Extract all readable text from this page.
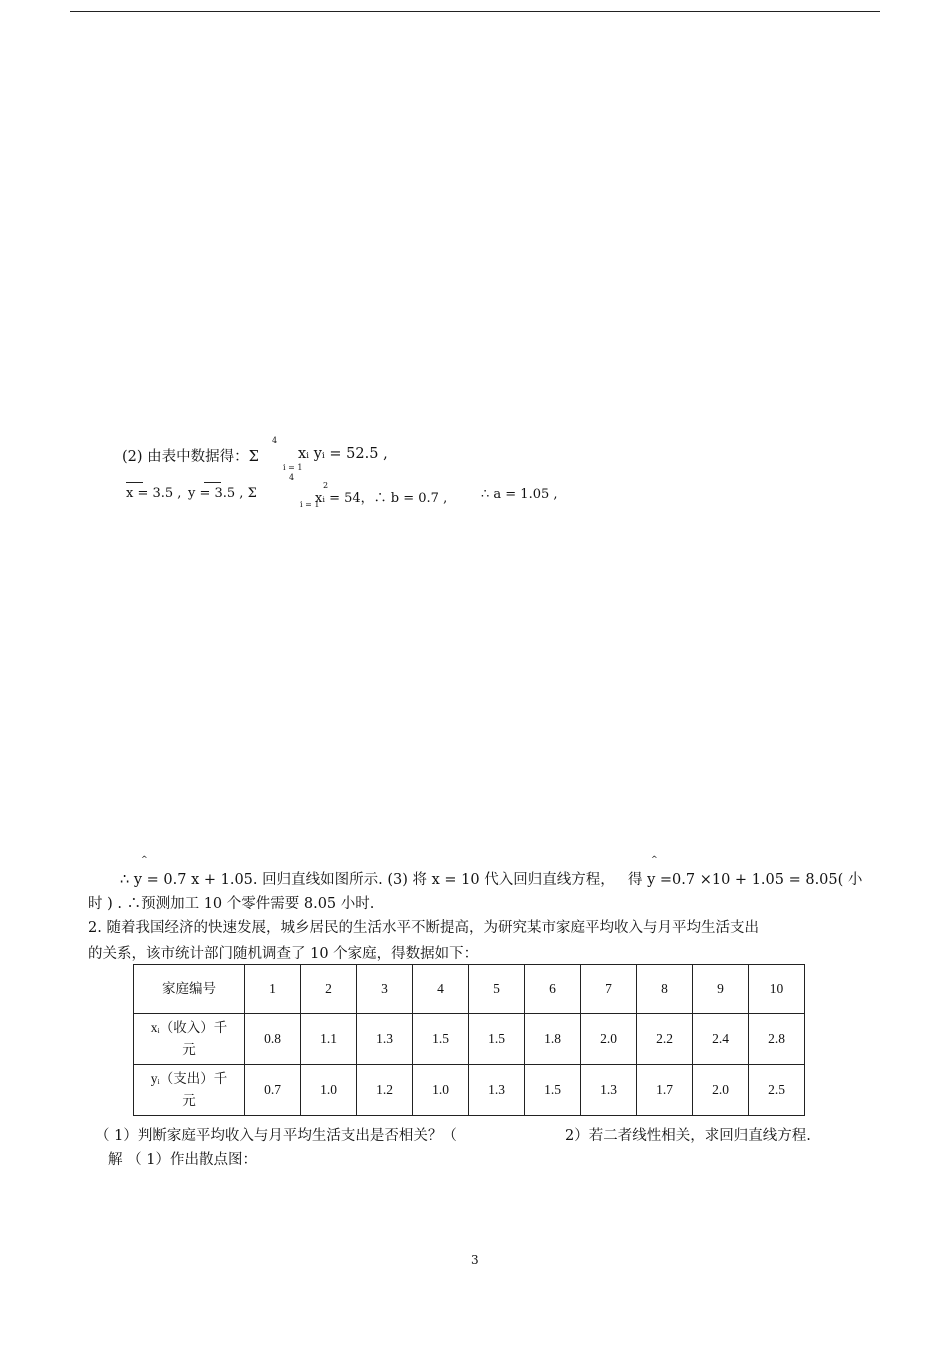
(2) 由表中数据得：Σ
4
i = 1
xᵢ yᵢ = 52.5 ,
4
x = 3.5 , y = 3.5 , Σ
2
i = 1
xᵢ = 54，∴ b = 0.7 ,	∴ a = 1.05 ,
^	^
∴ y = 0.7 x + 1.05. 回归直线如图所示. (3) 将 x = 10 代入回归直线方程， 得 y =0.7 ×10 + 1.05 = 8.05( 小
时 ) . ∴预测加工 10 个零件需要 8.05 小时.
2. 随着我国经济的快速发展，城乡居民的生活水平不断提高，为研究某市家庭平均收入与月平均生活支出
的关系，该市统计部门随机调查了 10 个家庭，得数据如下：
家庭编号	1	2	3	4	5	6	7	8	9	10

xᵢ（收入）千
元	0.8	1.1	1.3	1.5	1.5	1.8	2.0	2.2	2.4	2.8

yᵢ（支出）千
元	0.7	1.0	1.2	1.0	1.3	1.5	1.3	1.7	2.0	2.5
（ 1）判断家庭平均收入与月平均生活支出是否相关？（	2）若二者线性相关，求回归直线方程.
解 （ 1）作出散点图：
3
